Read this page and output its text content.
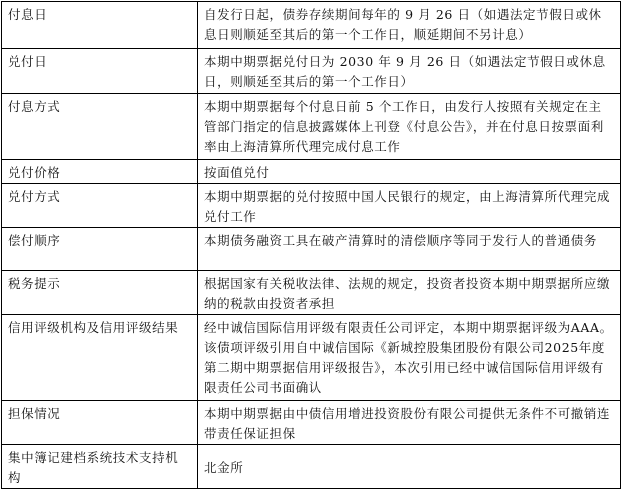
付息日	自发行日起，债券存续期间每年的 9 月 26 日（如遇法定节假日或休息日则顺延至其后的第一个工作日，顺延期间不另计息）
兑付日	本期中期票据兑付日为 2030 年 9 月 26 日（如遇法定节假日或休息日，则顺延至其后的第一个工作日）
付息方式	本期中期票据每个付息日前 5 个工作日，由发行人按照有关规定在主管部门指定的信息披露媒体上刊登《付息公告》，并在付息日按票面利率由上海清算所代理完成付息工作
兑付价格	按面值兑付
兑付方式	本期中期票据的兑付按照中国人民银行的规定，由上海清算所代理完成兑付工作
偿付顺序	本期债务融资工具在破产清算时的清偿顺序等同于发行人的普通债务
税务提示	根据国家有关税收法律、法规的规定，投资者投资本期中期票据所应缴纳的税款由投资者承担
信用评级机构及信用评级结果	经中诚信国际信用评级有限责任公司评定，本期中期票据评级为AAA。该债项评级引用自中诚信国际《新城控股集团股份有限公司2025年度第二期中期票据信用评级报告》，本次引用已经中诚信国际信用评级有限责任公司书面确认
担保情况	本期中期票据由中债信用增进投资股份有限公司提供无条件不可撤销连带责任保证担保
集中簿记建档系统技术支持机构	北金所
